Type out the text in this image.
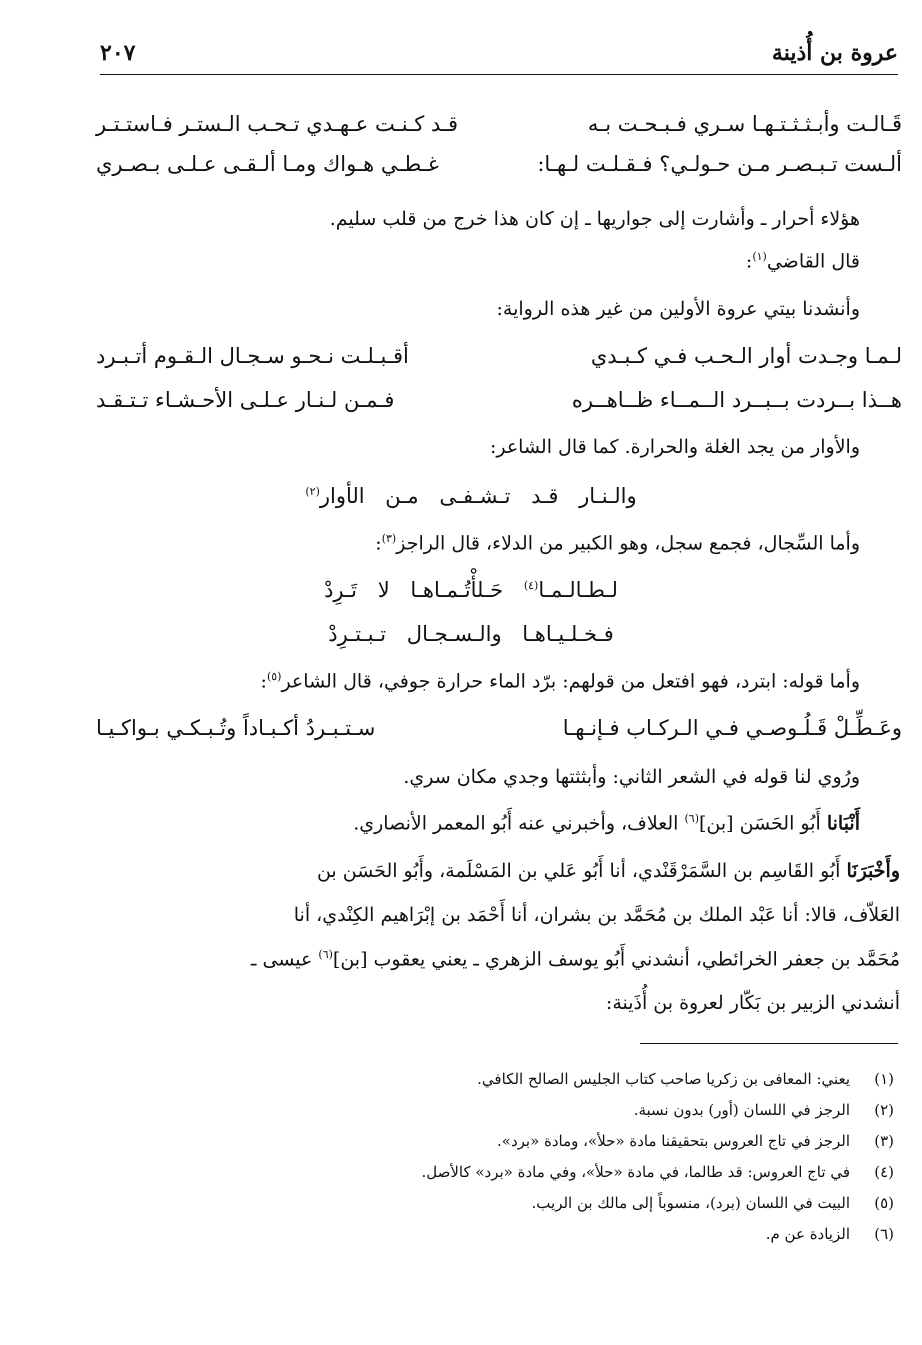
عروة بن أُذينة
٢٠٧
قَـالـت وأبـثـثـتـهـا سـري فـبـحـت بـه
قـد كـنـت عـهـدي تـحـب الـستـر فـاستـتـر
ألـست تـبـصـر مـن حـولـي؟ فـقـلـت لـهـا:
غـطـي هـواك ومـا ألـقـى عـلـى بـصـري
هؤلاء أحرار ـ وأشارت إلى جواريها ـ إن كان هذا خرج من قلب سليم.
قال القاضي$^{(١)}$:
وأنشدنا بيتي عروة الأولين من غير هذه الرواية:
لـمـا وجـدت أوار الـحـب فـي كـبـدي
أقـبـلـت نـحـو سـجـال الـقـوم أتـبـرد
هــذا بــردت بــبــرد الــمــاء ظــاهــره
فـمـن لـنـار عـلـى الأحـشـاء تـتـقـد
والأوار من يجد الغلة والحرارة. كما قال الشاعر:
والـنـار قـد تـشـفـى مـن الأوار$^{(٢)}$
وأما السِّجال، فجمع سجل، وهو الكبير من الدلاء، قال الراجز$^{(٣)}$:
لـطـالـمـا$^{(٤)}$ حَـلأْتُـمـاهـا لا تَـرِدْ
فـخـلـيـاهـا والـسـجـال تـبـتـرِدْ
وأما قوله: ابترد، فهو افتعل من قولهم: برّد الماء حرارة جوفي، قال الشاعر$^{(٥)}$:
وعَـطِّـلْ قَـلُـوصـي فـي الـركـاب فـإنـهـا
سـتـبـردُ أكـبـاداً وتُـبـكـي بـواكـيـا
ورُوي لنا قوله في الشعر الثاني: وأبثثتها وجدي مكان سري.
أَنْبَانا أَبُو الحَسَن [بن]$^{(٦)}$ العلاف، وأخبرني عنه أَبُو المعمر الأنصاري.
وأَخْبَرَنَا أَبُو القَاسِم بن السَّمَرْقَنْدي، أنا أَبُو عَلي بن المَسْلَمة، وأَبُو الحَسَن بن
العَلاّف، قالا: أنا عَبْد الملك بن مُحَمَّد بن بشران، أنا أَحْمَد بن إبْرَاهيم الكِنْدي، أنا
مُحَمَّد بن جعفر الخرائطي، أنشدني أَبُو يوسف الزهري ـ يعني يعقوب [بن]$^{(٦)}$ عيسى ـ
أنشدني الزبير بن بَكّار لعروة بن أُذَينة:
(١)يعني: المعافى بن زكريا صاحب كتاب الجليس الصالح الكافي.
(٢)الرجز في اللسان (أور) بدون نسبة.
(٣)الرجز في تاج العروس بتحقيقنا مادة «حلأ»، ومادة «برد».
(٤)في تاج العروس: قد طالما، في مادة «حلأ»، وفي مادة «برد» كالأصل.
(٥)البيت في اللسان (برد)، منسوباً إلى مالك بن الريب.
(٦)الزيادة عن م.
